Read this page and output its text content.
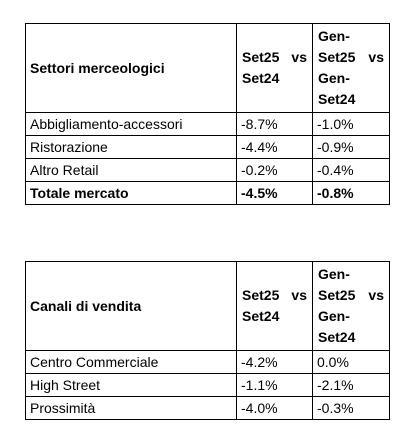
Settori merceologici	Set25 vs Set24	Gen-Set25 vs Gen-Set24
Abbigliamento-accessori	-8.7%	-1.0%
Ristorazione	-4.4%	-0.9%
Altro Retail	-0.2%	-0.4%
Totale mercato	-4.5%	-0.8%
Canali di vendita	Set25 vs Set24	Gen-Set25 vs Gen-Set24
Centro Commerciale	-4.2%	0.0%
High Street	-1.1%	-2.1%
Prossimità	-4.0%	-0.3%
